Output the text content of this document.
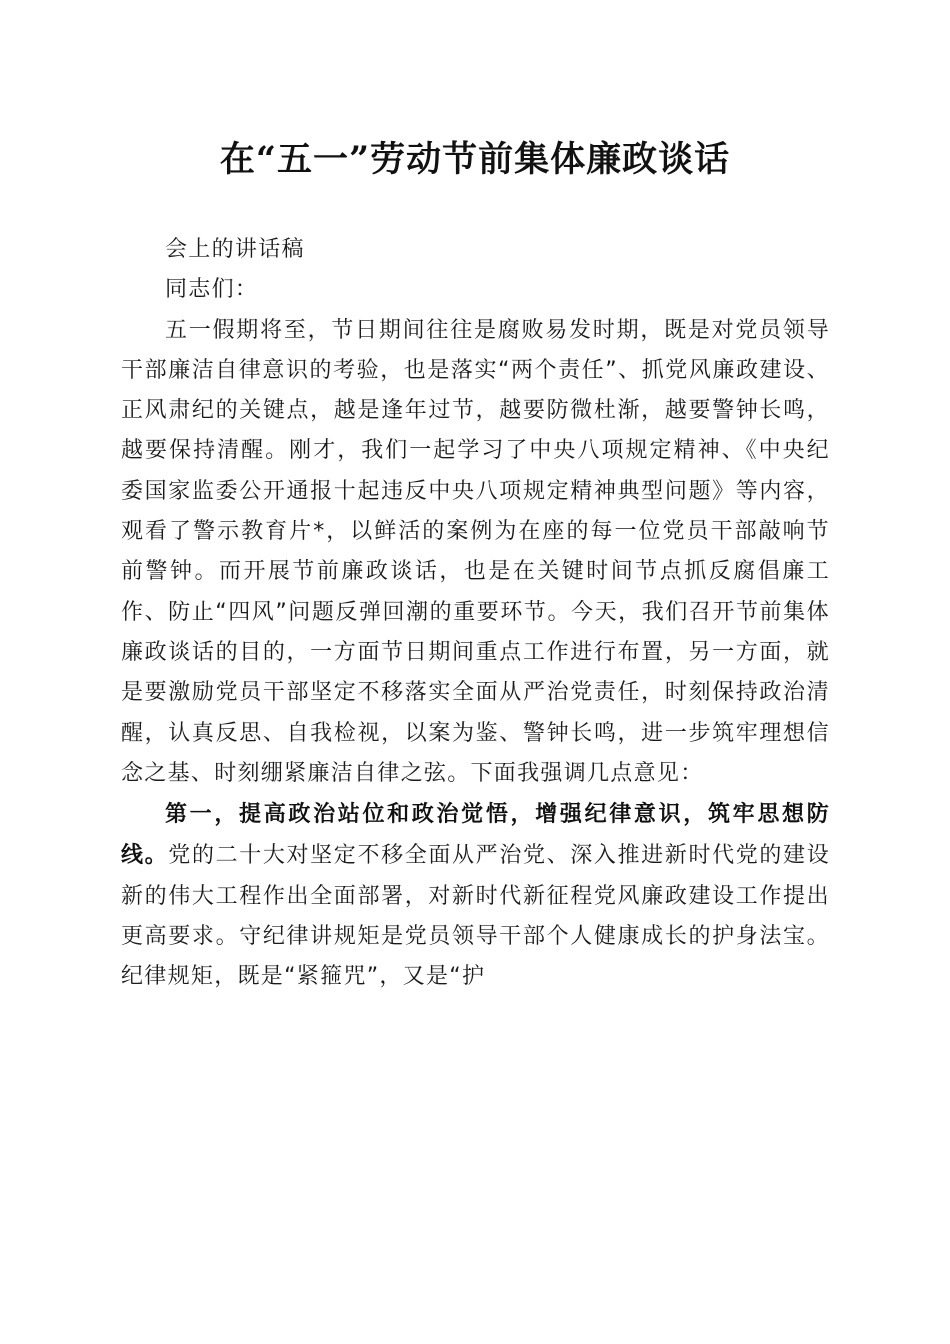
在“五一”劳动节前集体廉政谈话

会上的讲话稿

同志们：

五一假期将至，节日期间往往是腐败易发时期，既是对党员领导干部廉洁自律意识的考验，也是落实“两个责任”、抓党风廉政建设、正风肃纪的关键点，越是逢年过节，越要防微杜渐，越要警钟长鸣，越要保持清醒。刚才，我们一起学习了中央八项规定精神、《中央纪委国家监委公开通报十起违反中央八项规定精神典型问题》等内容，观看了警示教育片*，以鲜活的案例为在座的每一位党员干部敲响节前警钟。而开展节前廉政谈话，也是在关键时间节点抓反腐倡廉工作、防止“四风”问题反弹回潮的重要环节。今天，我们召开节前集体廉政谈话的目的，一方面节日期间重点工作进行布置，另一方面，就是要激励党员干部坚定不移落实全面从严治党责任，时刻保持政治清醒，认真反思、自我检视，以案为鉴、警钟长鸣，进一步筑牢理想信念之基、时刻绷紧廉洁自律之弦。下面我强调几点意见：

第一，提高政治站位和政治觉悟，增强纪律意识，筑牢思想防线。党的二十大对坚定不移全面从严治党、深入推进新时代党的建设新的伟大工程作出全面部署，对新时代新征程党风廉政建设工作提出更高要求。守纪律讲规矩是党员领导干部个人健康成长的护身法宝。纪律规矩，既是“紧箍咒”，又是“护
